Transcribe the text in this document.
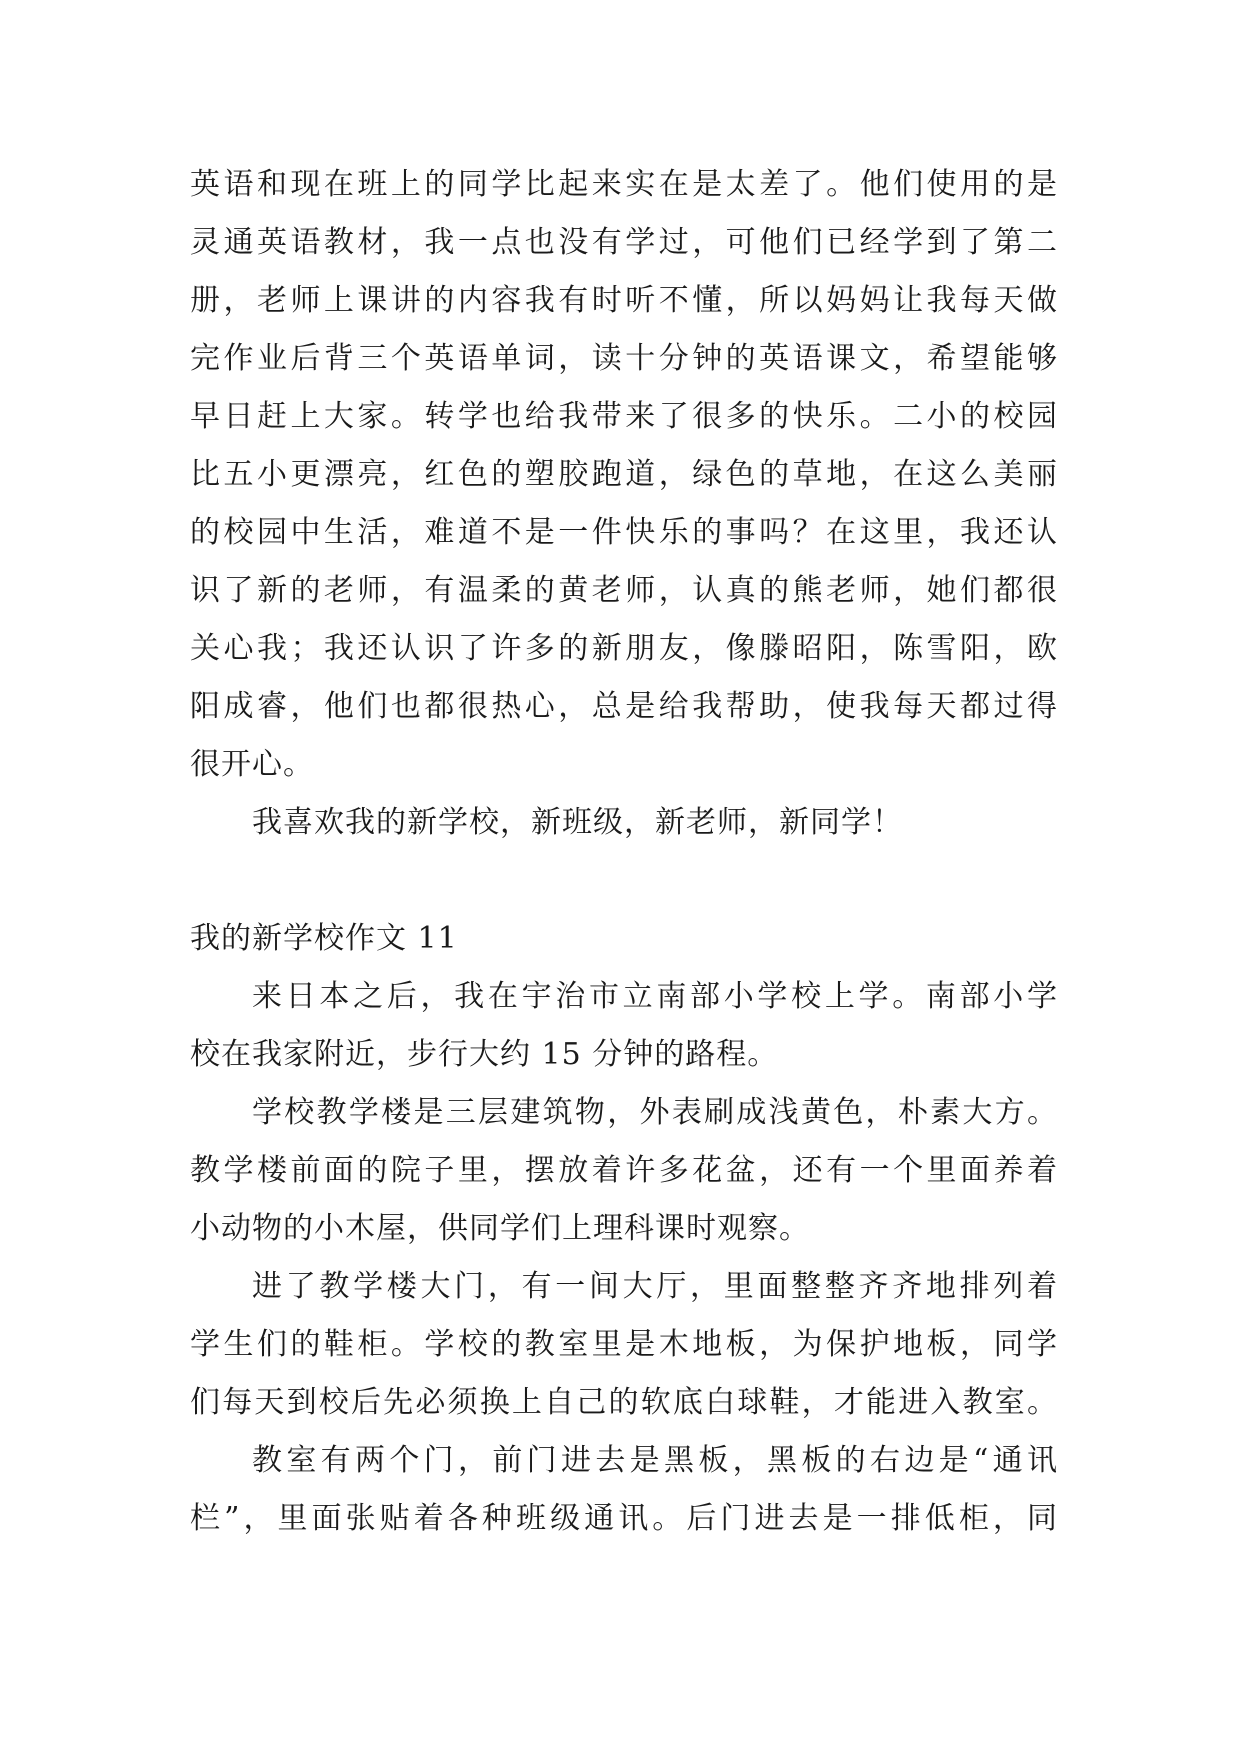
英语和现在班上的同学比起来实在是太差了。他们使用的是
灵通英语教材，我一点也没有学过，可他们已经学到了第二
册，老师上课讲的内容我有时听不懂，所以妈妈让我每天做
完作业后背三个英语单词，读十分钟的英语课文，希望能够
早日赶上大家。转学也给我带来了很多的快乐。二小的校园
比五小更漂亮，红色的塑胶跑道，绿色的草地，在这么美丽
的校园中生活，难道不是一件快乐的事吗？在这里，我还认
识了新的老师，有温柔的黄老师，认真的熊老师，她们都很
关心我；我还认识了许多的新朋友，像滕昭阳，陈雪阳，欧
阳成睿，他们也都很热心，总是给我帮助，使我每天都过得
很开心。
我喜欢我的新学校，新班级，新老师，新同学！
我的新学校作文 11
来日本之后，我在宇治市立南部小学校上学。南部小学
校在我家附近，步行大约 15 分钟的路程。
学校教学楼是三层建筑物，外表刷成浅黄色，朴素大方。
教学楼前面的院子里，摆放着许多花盆，还有一个里面养着
小动物的小木屋，供同学们上理科课时观察。
进了教学楼大门，有一间大厅，里面整整齐齐地排列着
学生们的鞋柜。学校的教室里是木地板，为保护地板，同学
们每天到校后先必须换上自己的软底白球鞋，才能进入教室。
教室有两个门，前门进去是黑板，黑板的右边是“通讯
栏”，里面张贴着各种班级通讯。后门进去是一排低柜，同
